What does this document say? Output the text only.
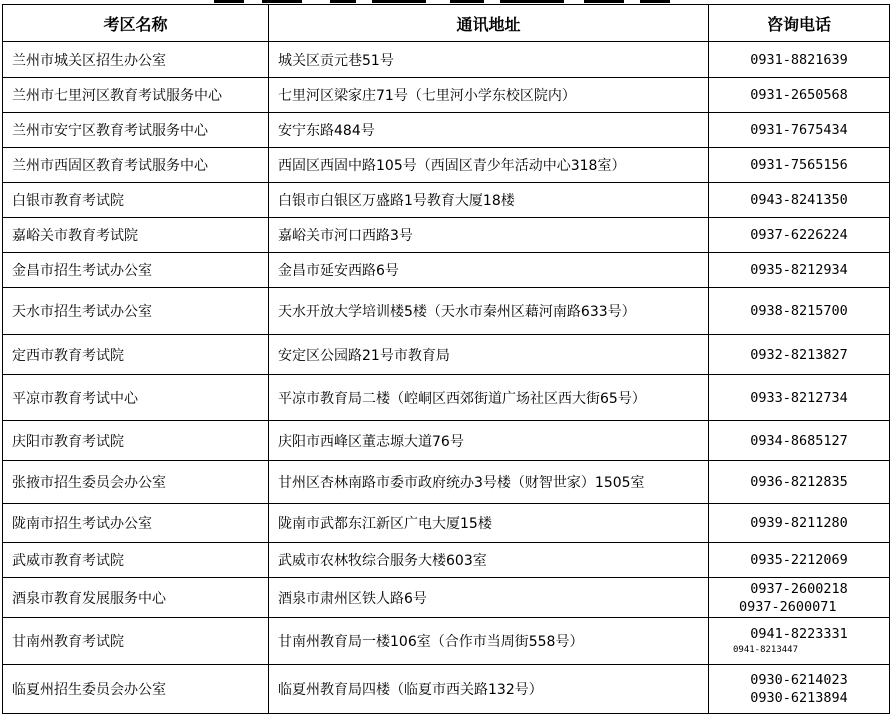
考区名称	通讯地址	咨询电话
兰州市城关区招生办公室	城关区贡元巷51号	0931-8821639

兰州市七里河区教育考试服务中心	七里河区梁家庄71号（七里河小学东校区院内）	0931-2650568

兰州市安宁区教育考试服务中心	安宁东路484号	0931-7675434

兰州市西固区教育考试服务中心	西固区西固中路105号（西固区青少年活动中心318室）	0931-7565156

白银市教育考试院	白银市白银区万盛路1号教育大厦18楼	0943-8241350

嘉峪关市教育考试院	嘉峪关市河口西路3号	0937-6226224

金昌市招生考试办公室	金昌市延安西路6号	0935-8212934

天水市招生考试办公室	天水开放大学培训楼5楼（天水市秦州区藉河南路633号）	0938-8215700

定西市教育考试院	安定区公园路21号市教育局	0932-8213827

平凉市教育考试中心	平凉市教育局二楼（崆峒区西郊街道广场社区西大街65号）	0933-8212734

庆阳市教育考试院	庆阳市西峰区董志塬大道76号	0934-8685127

张掖市招生委员会办公室	甘州区杏林南路市委市政府统办3号楼（财智世家）1505室	0936-8212835

陇南市招生考试办公室	陇南市武都东江新区广电大厦15楼	0939-8211280

武威市教育考试院	武威市农林牧综合服务大楼603室	0935-2212069

酒泉市教育发展服务中心	酒泉市肃州区铁人路6号	0937-2600218
0937-2600071

甘南州教育考试院	甘南州教育局一楼106室（合作市当周街558号）	0941-8223331
0941-8213447

临夏州招生委员会办公室	临夏州教育局四楼（临夏市西关路132号）	0930-6214023
0930-6213894
